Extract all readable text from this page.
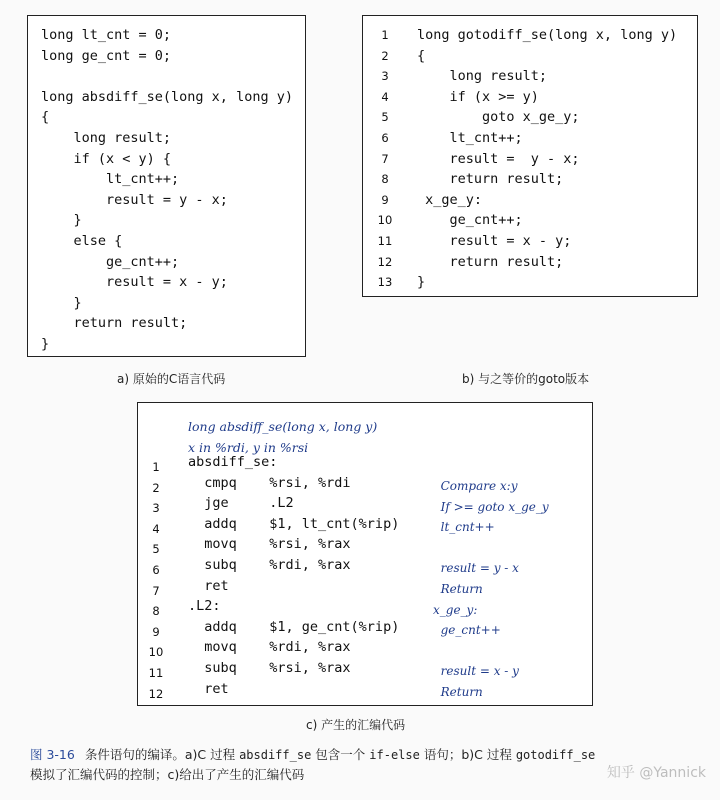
long lt_cnt = 0;
long ge_cnt = 0;

long absdiff_se(long x, long y)
{
long result;
if (x < y) {
lt_cnt++;
result = y - x;
}
else {
ge_cnt++;
result = x - y;
}
return result;
}
a) 原始的C语言代码
1
2
3
4
5
6
7
8
9
10
11
12
13
long gotodiff_se(long x, long y)
{
long result;
if (x >= y)
goto x_ge_y;
lt_cnt++;
result =  y - x;
return result;
x_ge_y:
ge_cnt++;
result = x - y;
return result;
}
b) 与之等价的goto版本
long absdiff_se(long x, long y)
x in %rdi, y in %rsi
1
2
3
4
5
6
7
8
9
10
11
12
absdiff_se:
cmpq    %rsi, %rdi
jge     .L2
addq    $1, lt_cnt(%rip)
movq    %rsi, %rax
subq    %rdi, %rax
ret
.L2:
addq    $1, ge_cnt(%rip)
movq    %rdi, %rax
subq    %rsi, %rax
ret
Compare x:y
If >= goto x_ge_y
lt_cnt++

result = y - x
Return
x_ge_y:
ge_cnt++

result = x - y
Return
c) 产生的汇编代码
图 3-16 条件语句的编译。a)C 过程 absdiff_se 包含一个 if-else 语句；b)C 过程 gotodiff_se
模拟了汇编代码的控制；c)给出了产生的汇编代码	知乎 @Yannick
